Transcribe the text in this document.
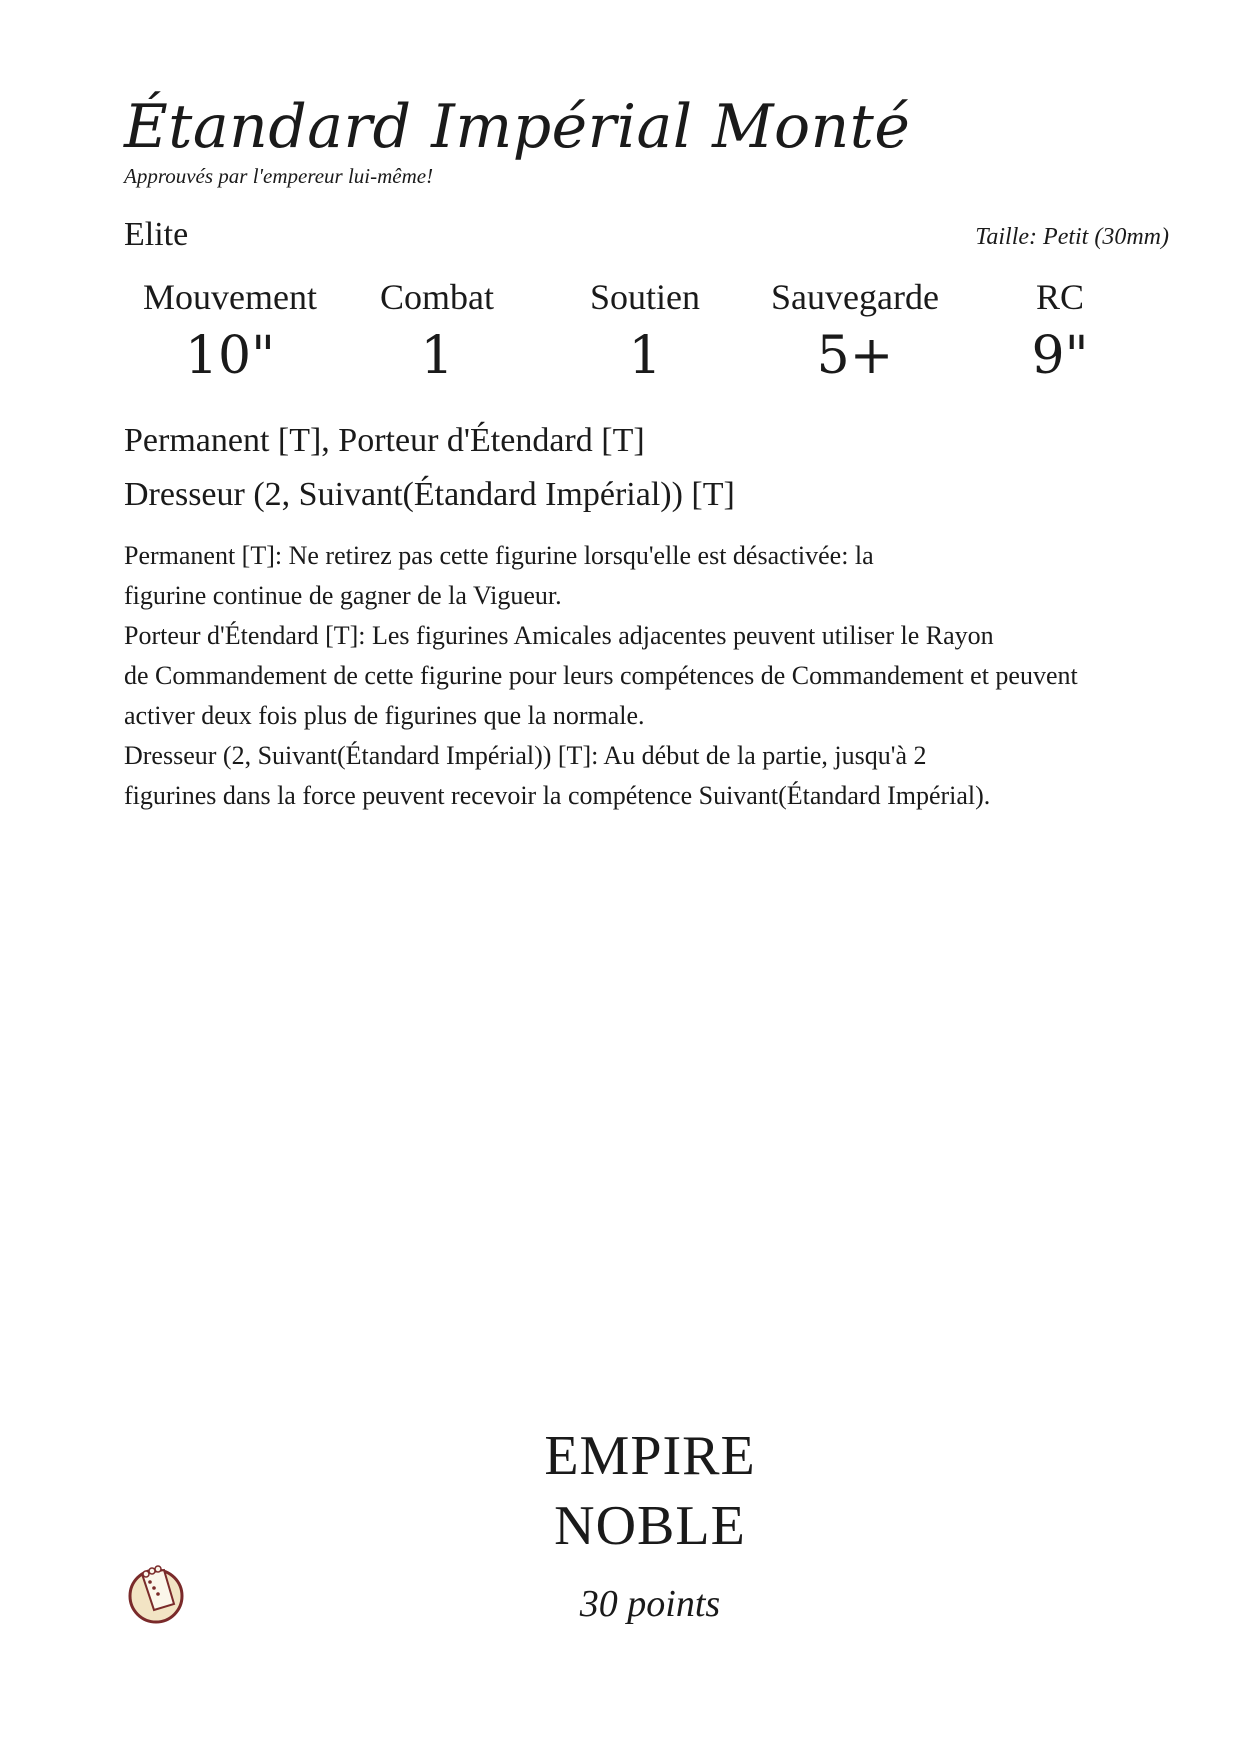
Étandard Impérial Monté
Approuvés par l'empereur lui-même!
Elite	Taille: Petit (30mm)
Mouvement
10"
Combat
1
Soutien
1
Sauvegarde
5+
RC
9"
Permanent [T], Porteur d'Étendard [T]
Dresseur (2, Suivant(Étandard Impérial)) [T]
Permanent [T]: Ne retirez pas cette figurine lorsqu'elle est désactivée: la
figurine continue de gagner de la Vigueur.
Porteur d'Étendard [T]: Les figurines Amicales adjacentes peuvent utiliser le Rayon
de Commandement de cette figurine pour leurs compétences de Commandement et peuvent
activer deux fois plus de figurines que la normale.
Dresseur (2, Suivant(Étandard Impérial)) [T]: Au début de la partie, jusqu'à 2
figurines dans la force peuvent recevoir la compétence Suivant(Étandard Impérial).
EMPIRE
NOBLE
30 points
